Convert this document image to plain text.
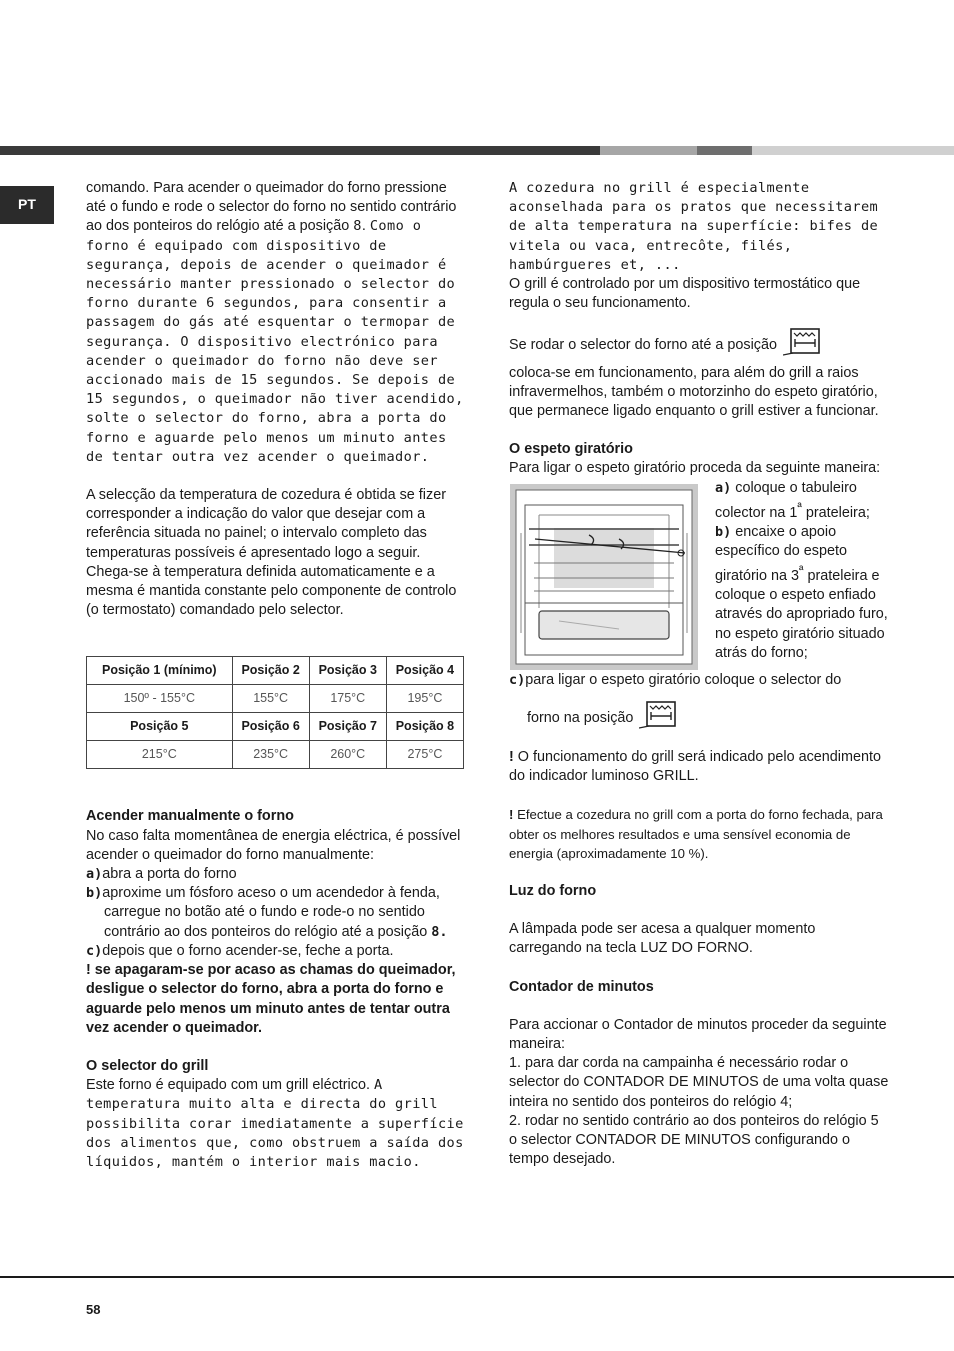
PT

comando. Para acender o queimador do forno pressione até o fundo e rode o selector do forno no sentido contrário ao dos ponteiros do relógio até a posição 8. Como o forno é equipado com dispositivo de segurança, depois de acender o queimador é necessário manter pressionado o selector do forno durante 6 segundos, para consentir a passagem do gás até esquentar o termopar de segurança. O dispositivo electrónico para acender o queimador do forno não deve ser accionado mais de 15 segundos. Se depois de 15 segundos, o queimador não tiver acendido, solte o selector do forno, abra a porta do forno e aguarde pelo menos um minuto antes de tentar outra vez acender o queimador.

A selecção da temperatura de cozedura é obtida se fizer corresponder a indicação do valor que desejar com a referência situada no painel; o intervalo completo das temperaturas possíveis é apresentado logo a seguir. Chega-se à temperatura definida automaticamente e a mesma é mantida constante pelo componente de controlo (o termostato) comandado pelo selector.

Posição 1 (mínimo)	Posição 2	Posição 3	Posição 4
150º - 155°C	155°C	175°C	195°C
Posição 5	Posição 6	Posição 7	Posição 8
215°C	235°C	260°C	275°C

Acender manualmente o forno

No caso falta momentânea de energia eléctrica, é possível acender o queimador do forno manualmente:

a)abra a porta do forno

b)aproxime um fósforo aceso o um acendedor à fenda, carregue no botão até o fundo e rode-o no sentido contrário ao dos ponteiros do relógio até a posição 8.

c)depois que o forno acender-se, feche a porta.

! se apagaram-se por acaso as chamas do queimador, desligue o selector do forno, abra a porta do forno e aguarde pelo menos um minuto antes de tentar outra vez acender o queimador.

O selector do grill

Este forno é equipado com um grill eléctrico. A temperatura muito alta e directa do grill possibilita corar imediatamente a superfície dos alimentos que, como obstruem a saída dos líquidos, mantém o interior mais macio.

A cozedura no grill é especialmente aconselhada para os pratos que necessitarem de alta temperatura na superfície: bifes de vitela ou vaca, entrecôte, filés, hambúrgueres et, ...

O grill é controlado por um dispositivo termostático que regula o seu funcionamento.

Se rodar o selector do forno até a posição
coloca-se em funcionamento, para além do grill a raios infravermelhos, também o motorzinho do espeto giratório, que permanece ligado enquanto o grill estiver a funcionar.

O espeto giratório

Para ligar o espeto giratório proceda da seguinte maneira:

a) coloque o tabuleiro colector na $1^ª$ prateleira;

b) encaixe o apoio específico do espeto giratório na $3^ª$ prateleira e coloque o espeto enfiado através do apropriado furo, no espeto giratório situado atrás do forno;

c)para ligar o espeto giratório coloque o selector do

forno na posição

! O funcionamento do grill será indicado pelo acendimento do indicador luminoso GRILL.

! Efectue a cozedura no grill com a porta do forno fechada, para obter os melhores resultados e uma sensível economia de energia (aproximadamente 10 %).

Luz do forno

A lâmpada pode ser acesa a qualquer momento carregando na tecla LUZ DO FORNO.

Contador de minutos

Para accionar o Contador de minutos proceder da seguinte maneira:

1. para dar corda na campainha é necessário rodar o selector do CONTADOR DE MINUTOS de uma volta quase inteira no sentido dos ponteiros do relógio 4;

2. rodar no sentido contrário ao dos ponteiros do relógio 5 o selector CONTADOR DE MINUTOS configurando o tempo desejado.

58
